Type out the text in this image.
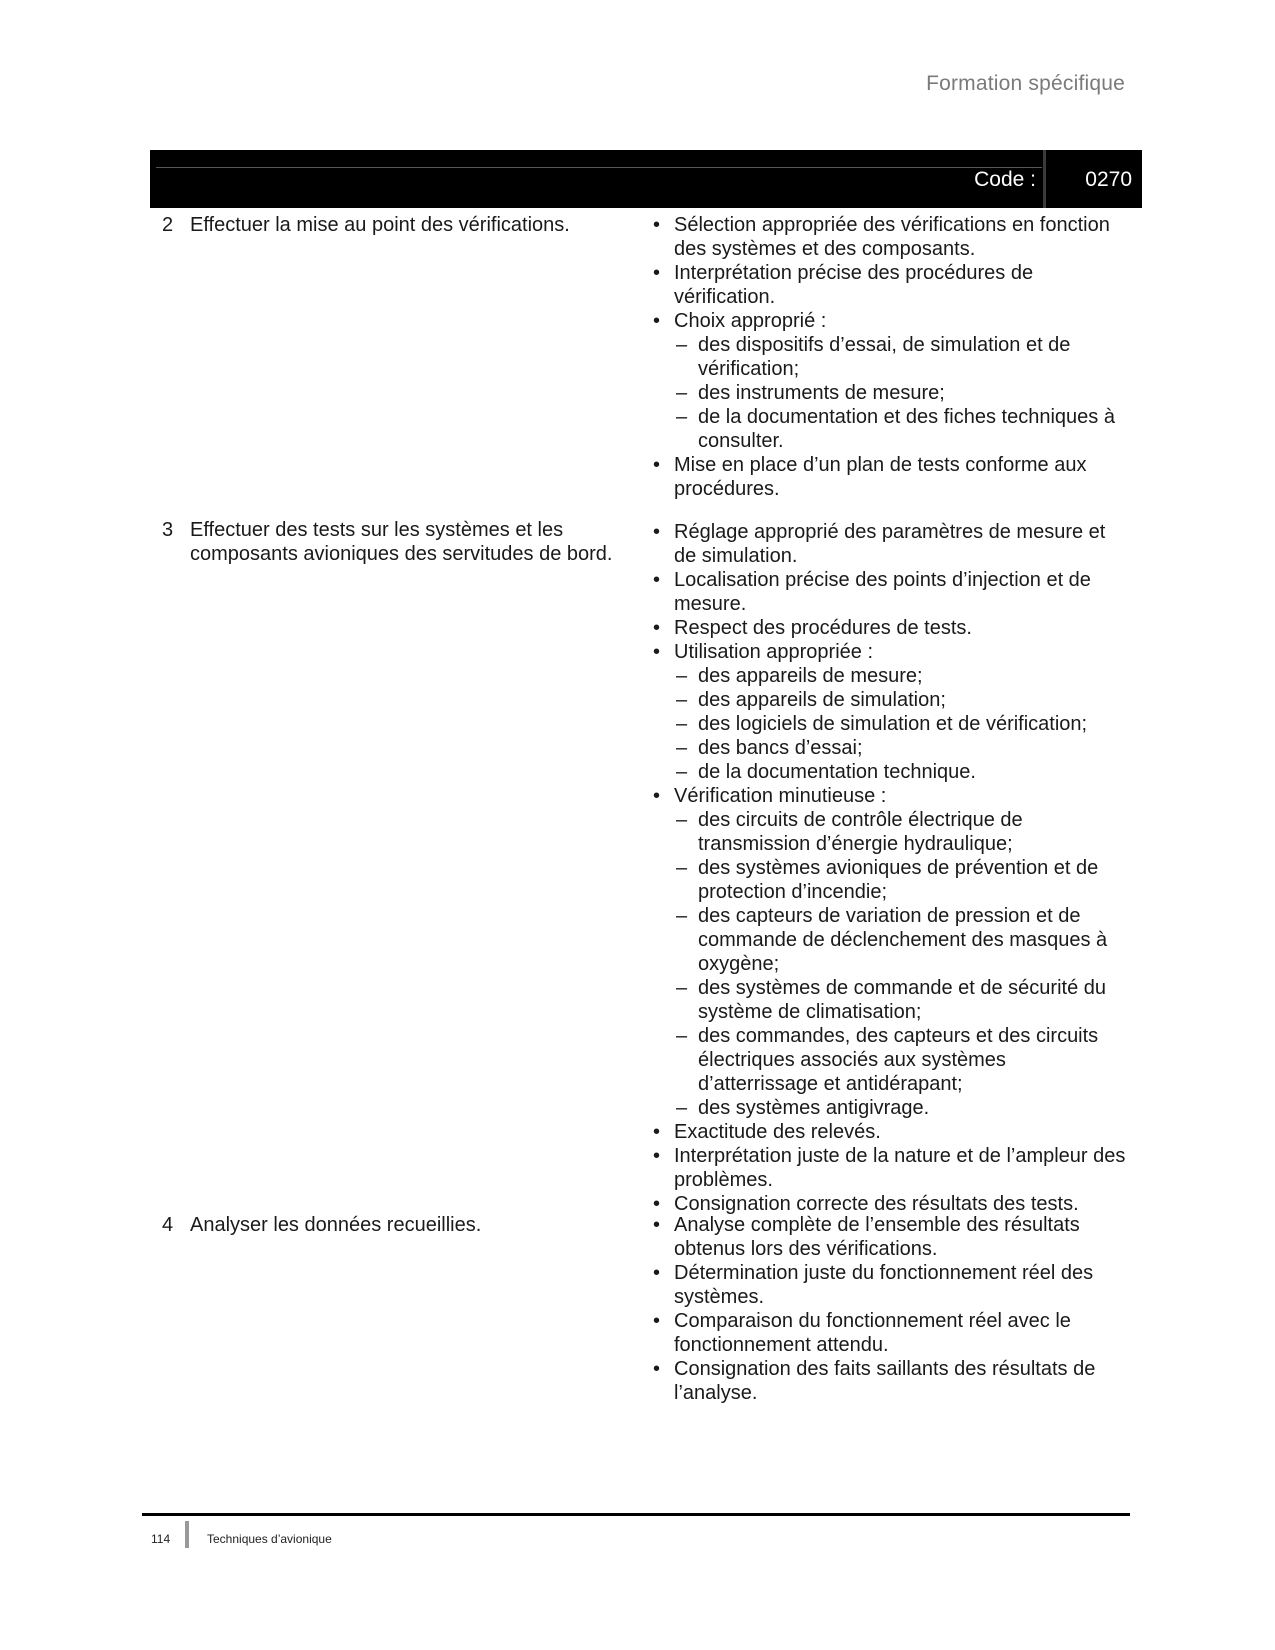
Formation spécifique
Code : 0270
2 Effectuer la mise au point des vérifications.	• Sélection appropriée des vérifications en fonction des systèmes et des composants.
• Interprétation précise des procédures de vérification.
• Choix approprié :
– des dispositifs d’essai, de simulation et de vérification;
– des instruments de mesure;
– de la documentation et des fiches techniques à consulter.
• Mise en place d’un plan de tests conforme aux procédures.
3 Effectuer des tests sur les systèmes et les composants avioniques des servitudes de bord.
• Réglage approprié des paramètres de mesure et de simulation.
• Localisation précise des points d’injection et de mesure.
• Respect des procédures de tests.
• Utilisation appropriée :
– des appareils de mesure;
– des appareils de simulation;
– des logiciels de simulation et de vérification;
– des bancs d’essai;
– de la documentation technique.
• Vérification minutieuse :
– des circuits de contrôle électrique de transmission d’énergie hydraulique;
– des systèmes avioniques de prévention et de protection d’incendie;
– des capteurs de variation de pression et de commande de déclenchement des masques à oxygène;
– des systèmes de commande et de sécurité du système de climatisation;
– des commandes, des capteurs et des circuits électriques associés aux systèmes d’atterrissage et antidérapant;
– des systèmes antigivrage.
• Exactitude des relevés.
• Interprétation juste de la nature et de l’ampleur des problèmes.
• Consignation correcte des résultats des tests.
4 Analyser les données recueillies.	• Analyse complète de l’ensemble des résultats obtenus lors des vérifications.
• Détermination juste du fonctionnement réel des systèmes.
• Comparaison du fonctionnement réel avec le fonctionnement attendu.
• Consignation des faits saillants des résultats de l’analyse.
114	Techniques d’avionique
